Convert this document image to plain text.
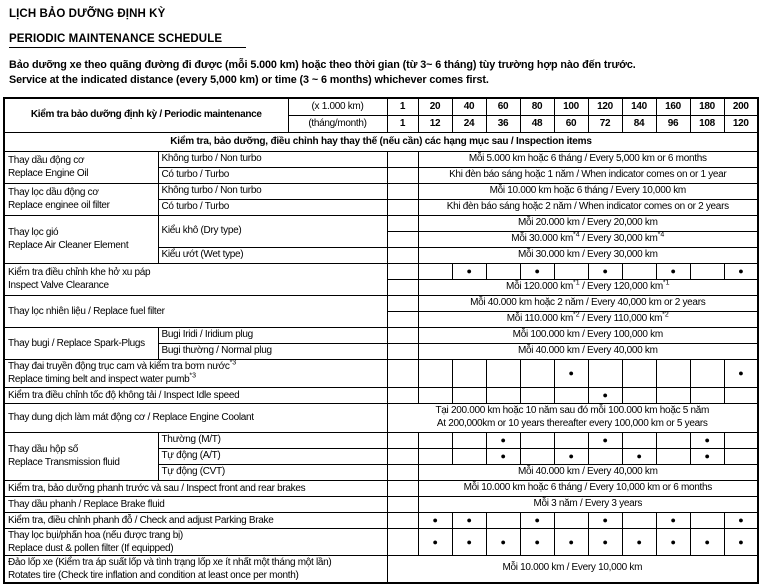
LỊCH BẢO DƯỠNG ĐỊNH KỲ
PERIODIC MAINTENANCE SCHEDULE
Bảo dưỡng xe theo quãng đường đi được (mỗi 5.000 km) hoặc theo thời gian (từ 3~ 6 tháng) tùy trường hợp nào đến trước.
Service at the indicated distance (every 5,000 km) or time (3 ~ 6 months) whichever comes first.
Kiểm tra bảo dưỡng định kỳ / Periodic maintenance		(x 1.000 km)	1	20	40	60	80	100	120	140	160	180	200
		(tháng/month)	1	12	24	36	48	60	72	84	96	108	120
Kiểm tra, bảo dưỡng, điều chỉnh hay thay thế (nếu cần) các hạng mục sau / Inspection items													
Thay dầu động cơ
Replace Engine Oil	Không turbo / Non turbo			Mỗi 5.000 km hoặc 6 tháng / Every 5,000 km or 6 months									
	Có turbo / Turbo			Khi đèn báo sáng hoặc 1 năm / When indicator comes on or 1 year									
Thay lọc dầu động cơ
Replace enginee oil filter	Không turbo / Non turbo			Mỗi 10.000 km hoặc 6 tháng / Every 10,000 km									
	Có turbo / Turbo			Khi đèn báo sáng hoặc 2 năm / When indicator comes on or 2 years									
Thay lọc gió
Replace Air Cleaner Element	Kiểu khô (Dry type)			Mỗi 20.000 km / Every 20,000 km									
				Mỗi 30.000 $km^{*4}$ / Every 30,000 $km^{*4}$
	Kiểu ướt (Wet type)			Mỗi 30.000 km / Every 30,000 km									
Kiểm tra điều chỉnh khe hở xu páp
Inspect Valve Clearance					●		●		●		●		●
				Mỗi 120.000 $km^{*1}$ / Every 120,000 $km^{*1}$
Thay lọc nhiên liệu / Replace fuel filter				Mỗi 40.000 km hoặc 2 năm / Every 40,000 km or 2 years									
				Mỗi 110.000 $km^{*2}$ / Every 110,000 $km^{*2}$
Thay bugi / Replace Spark-Plugs	Bugi Iridi / Iridium plug			Mỗi 100.000 km / Every 100,000 km									
	Bugi thường / Normal plug			Mỗi 40.000 km / Every 40,000 km									
Thay đai truyền động trục cam và kiểm tra bơm nước$^{*3}$
Replace timing belt and inspect water pumb$^{*3}$								●					●
Kiểm tra điều chỉnh tốc độ không tải / Inspect Idle speed									●				
Thay dung dịch làm mát động cơ / Replace Engine Coolant			Tại 200.000 km hoặc 10 năm sau đó mỗi 100.000 km hoặc 5 năm
At 200,000km or 10 years thereafter every 100,000 km or 5 years										
Thay dầu hộp số
Replace Transmission fluid	Thường (M/T)					●			●			●	
	Tự động (A/T)					●		●		●		●	
	Tự động (CVT)			Mỗi 40.000 km / Every 40,000 km									
Kiểm tra, bảo dưỡng phanh trước và sau / Inspect front and rear brakes				Mỗi 10.000 km hoặc 6 tháng / Every 10,000 km or 6 months									
Thay dầu phanh / Replace Brake fluid				Mỗi 3 năm / Every 3 years									
Kiểm tra, điều chỉnh phanh đỗ / Check and adjust Parking Brake				●	●		●		●		●		●
Thay lọc bụi/phấn hoa (nếu được trang bị)
Replace dust & pollen filter (If equipped)				●	●	●	●	●	●	●	●	●	●
Đảo lốp xe (Kiểm tra áp suất lốp và tình trạng lốp xe ít nhất một tháng một lần)
Rotates tire (Check tire inflation and condition at least once per month)			Mỗi 10.000 km / Every 10,000 km										
